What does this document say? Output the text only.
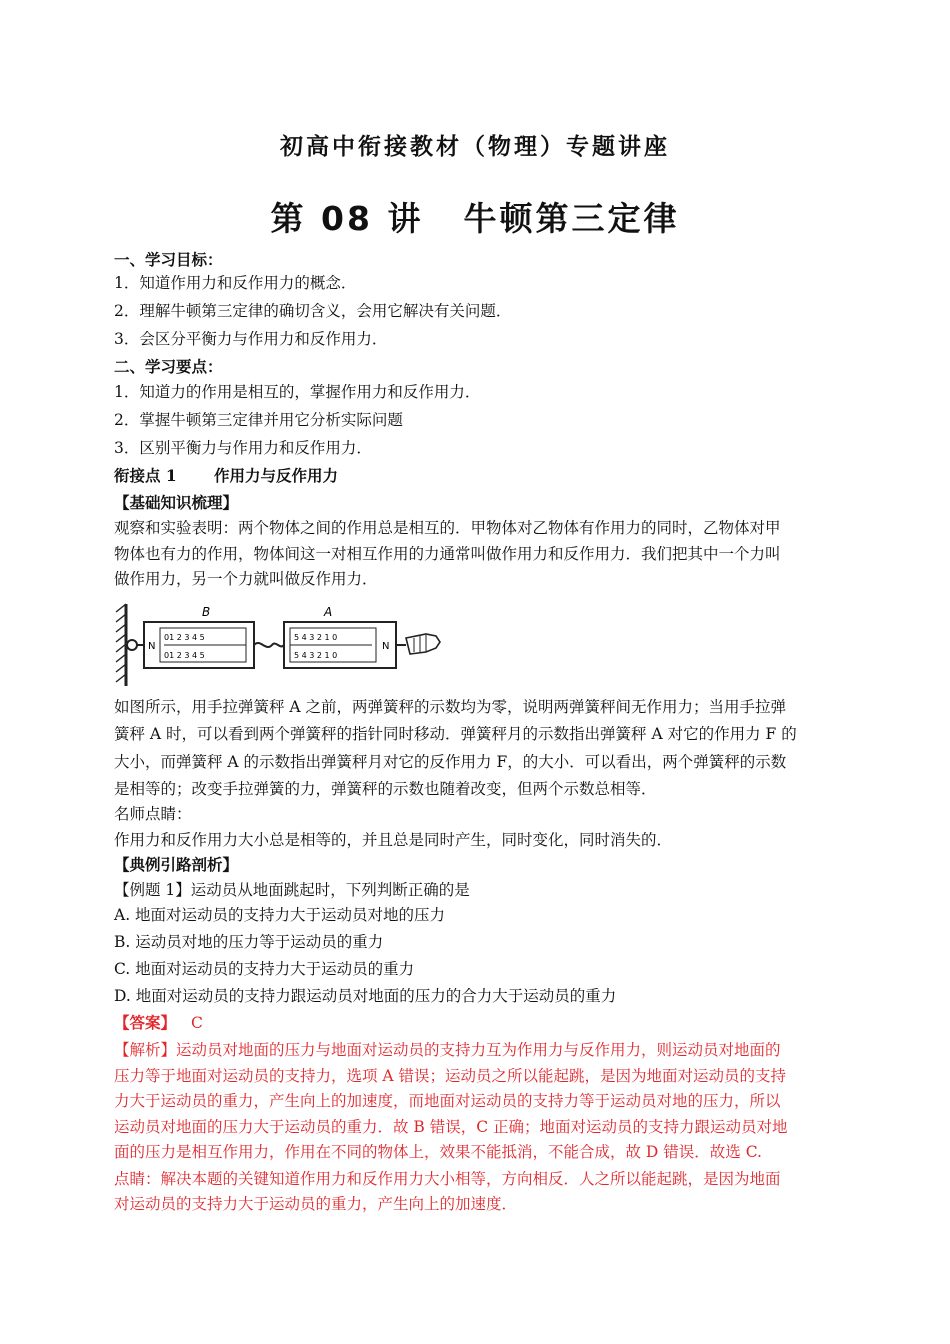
初高中衔接教材（物理）专题讲座
第 08 讲 牛顿第三定律
一、学习目标：
1．知道作用力和反作用力的概念．
2．理解牛顿第三定律的确切含义，会用它解决有关问题．
3．会区分平衡力与作用力和反作用力．
二、学习要点：
1．知道力的作用是相互的，掌握作用力和反作用力．
2．掌握牛顿第三定律并用它分析实际问题
3．区别平衡力与作用力和反作用力．
衔接点 1 作用力与反作用力
【基础知识梳理】
观察和实验表明：两个物体之间的作用总是相互的．甲物体对乙物体有作用力的同时，乙物体对甲
物体也有力的作用，物体间这一对相互作用的力通常叫做作用力和反作用力．我们把其中一个力叫
做作用力，另一个力就叫做反作用力．
B	A
N
01 2 3 4 5
01 2 3 4 5
N
5 4 3 2 1 0
5 4 3 2 1 0
如图所示，用手拉弹簧秤 A 之前，两弹簧秤的示数均为零，说明两弹簧秤间无作用力；当用手拉弹
簧秤 A 时，可以看到两个弹簧秤的指针同时移动．弹簧秤月的示数指出弹簧秤 A 对它的作用力 F 的
大小，而弹簧秤 A 的示数指出弹簧秤月对它的反作用力 F，的大小．可以看出，两个弹簧秤的示数
是相等的；改变手拉弹簧的力，弹簧秤的示数也随着改变，但两个示数总相等．
名师点睛：
作用力和反作用力大小总是相等的，并且总是同时产生，同时变化，同时消失的．
【典例引路剖析】
【例题 1】运动员从地面跳起时，下列判断正确的是
A. 地面对运动员的支持力大于运动员对地的压力
B. 运动员对地的压力等于运动员的重力
C. 地面对运动员的支持力大于运动员的重力
D. 地面对运动员的支持力跟运动员对地面的压力的合力大于运动员的重力
【答案】 C
【解析】运动员对地面的压力与地面对运动员的支持力互为作用力与反作用力，则运动员对地面的
压力等于地面对运动员的支持力，选项 A 错误；运动员之所以能起跳，是因为地面对运动员的支持
力大于运动员的重力，产生向上的加速度，而地面对运动员的支持力等于运动员对地的压力，所以
运动员对地面的压力大于运动员的重力．故 B 错误，C 正确；地面对运动员的支持力跟运动员对地
面的压力是相互作用力，作用在不同的物体上，效果不能抵消，不能合成，故 D 错误．故选 C.
点睛：解决本题的关键知道作用力和反作用力大小相等，方向相反．人之所以能起跳，是因为地面
对运动员的支持力大于运动员的重力，产生向上的加速度．
